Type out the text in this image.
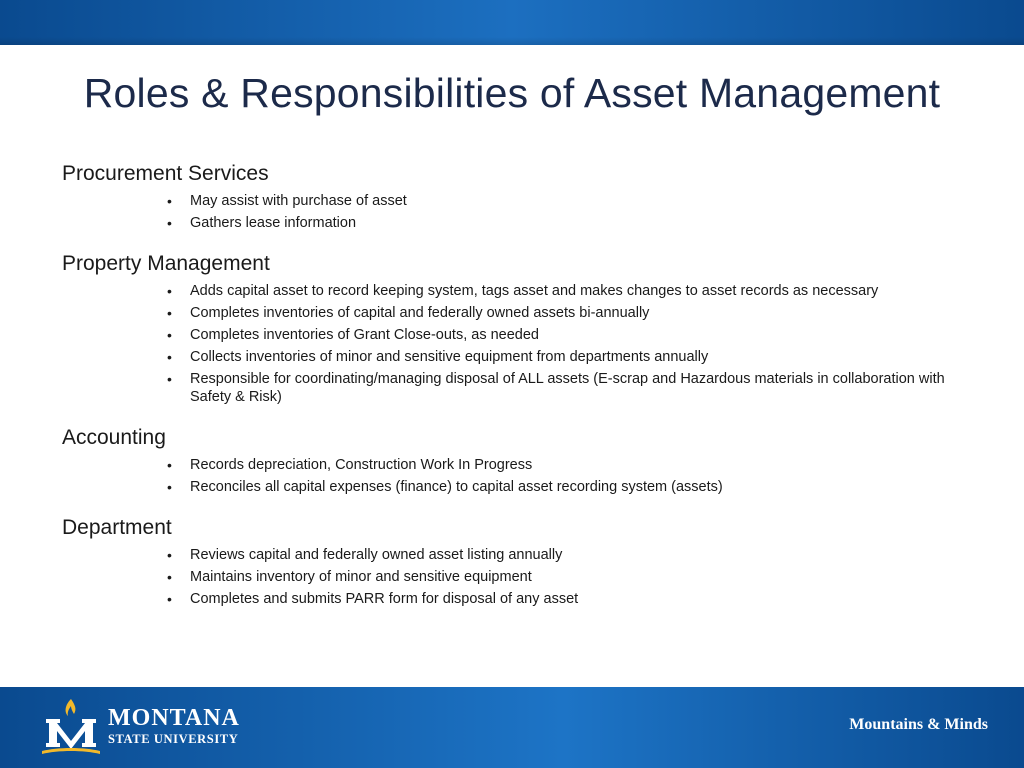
Roles & Responsibilities of Asset Management

Procurement Services

• May assist with purchase of asset
• Gathers lease information

Property Management

• Adds capital asset to record keeping system, tags asset and makes changes to asset records as necessary
• Completes inventories of capital and federally owned assets bi-annually
• Completes inventories of Grant Close-outs, as needed
• Collects inventories of minor and sensitive equipment from departments annually
• Responsible for coordinating/managing disposal of ALL assets (E-scrap and Hazardous materials in collaboration with Safety & Risk)

Accounting

• Records depreciation, Construction Work In Progress
• Reconciles all capital expenses (finance) to capital asset recording system (assets)

Department

• Reviews capital and federally owned asset listing annually
• Maintains inventory of minor and sensitive equipment
• Completes and submits PARR form for disposal of any asset
MONTANA
STATE UNIVERSITY
Mountains & Minds
